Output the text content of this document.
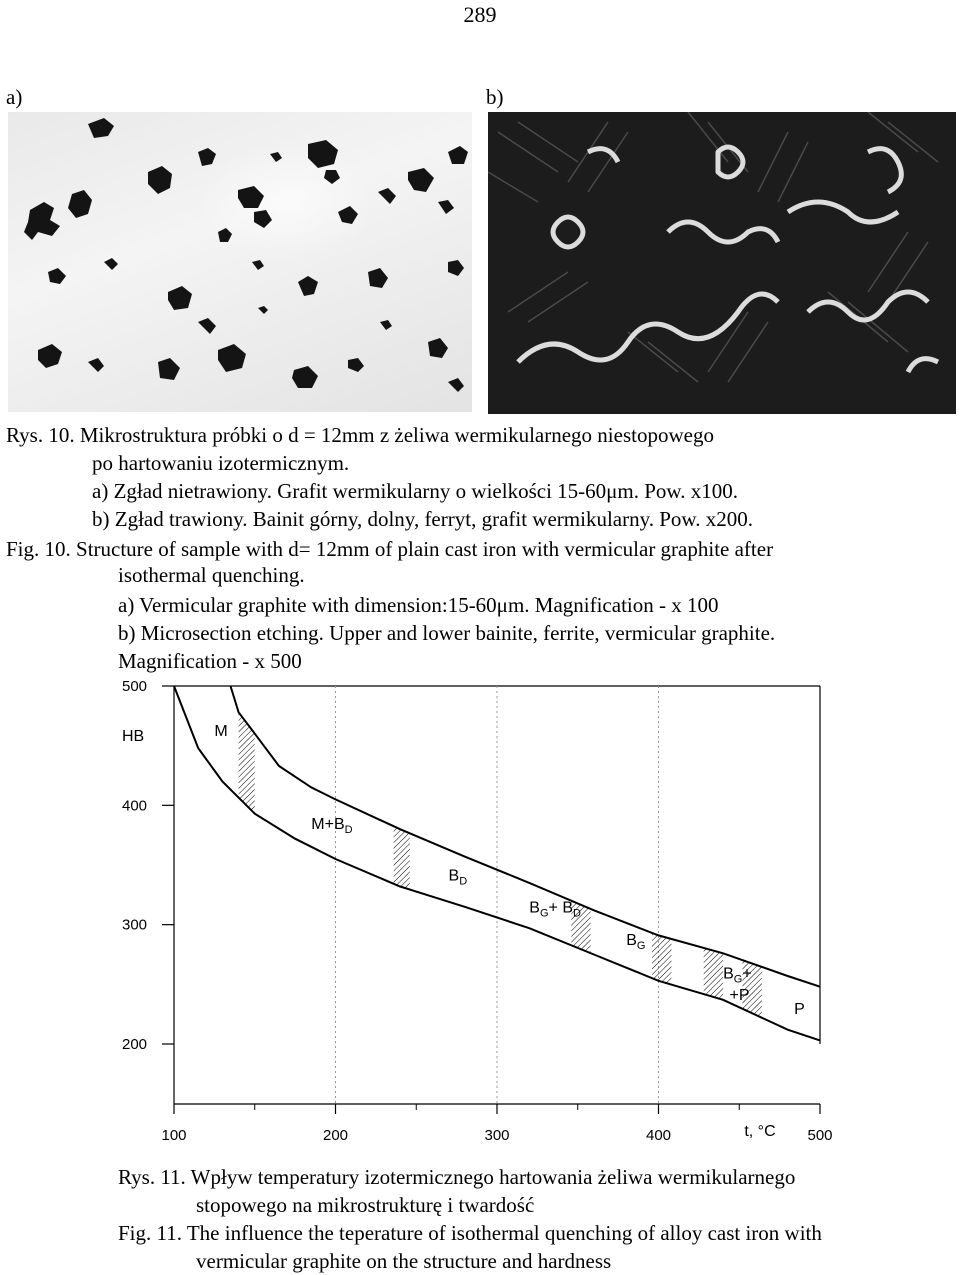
289
a)	b)
Rys. 10. Mikrostruktura próbki o d = 12mm z żeliwa wermikularnego niestopowego
po hartowaniu izotermicznym.
a) Zgład nietrawiony. Grafit wermikularny o wielkości 15-60μm. Pow. x100.
b) Zgład trawiony. Bainit górny, dolny, ferryt, grafit wermikularny. Pow. x200.
Fig. 10. Structure of sample with d= 12mm of plain cast iron with vermicular graphite after
isothermal quenching.
a) Vermicular graphite with dimension:15-60μm. Magnification - x 100
b) Microsection etching. Upper and lower bainite, ferrite, vermicular graphite.
Magnification - x 500
500
400
300
200
HB
100	200	300	400	500
t, °C
M
$M+B_D$
$B_D$
$B_G+ B_D$
$B_G$
$B_G+$
+P
P
Rys. 11. Wpływ temperatury izotermicznego hartowania żeliwa wermikularnego
stopowego na mikrostrukturę i twardość
Fig. 11. The influence the teperature of isothermal quenching of alloy cast iron with
vermicular graphite on the structure and hardness
